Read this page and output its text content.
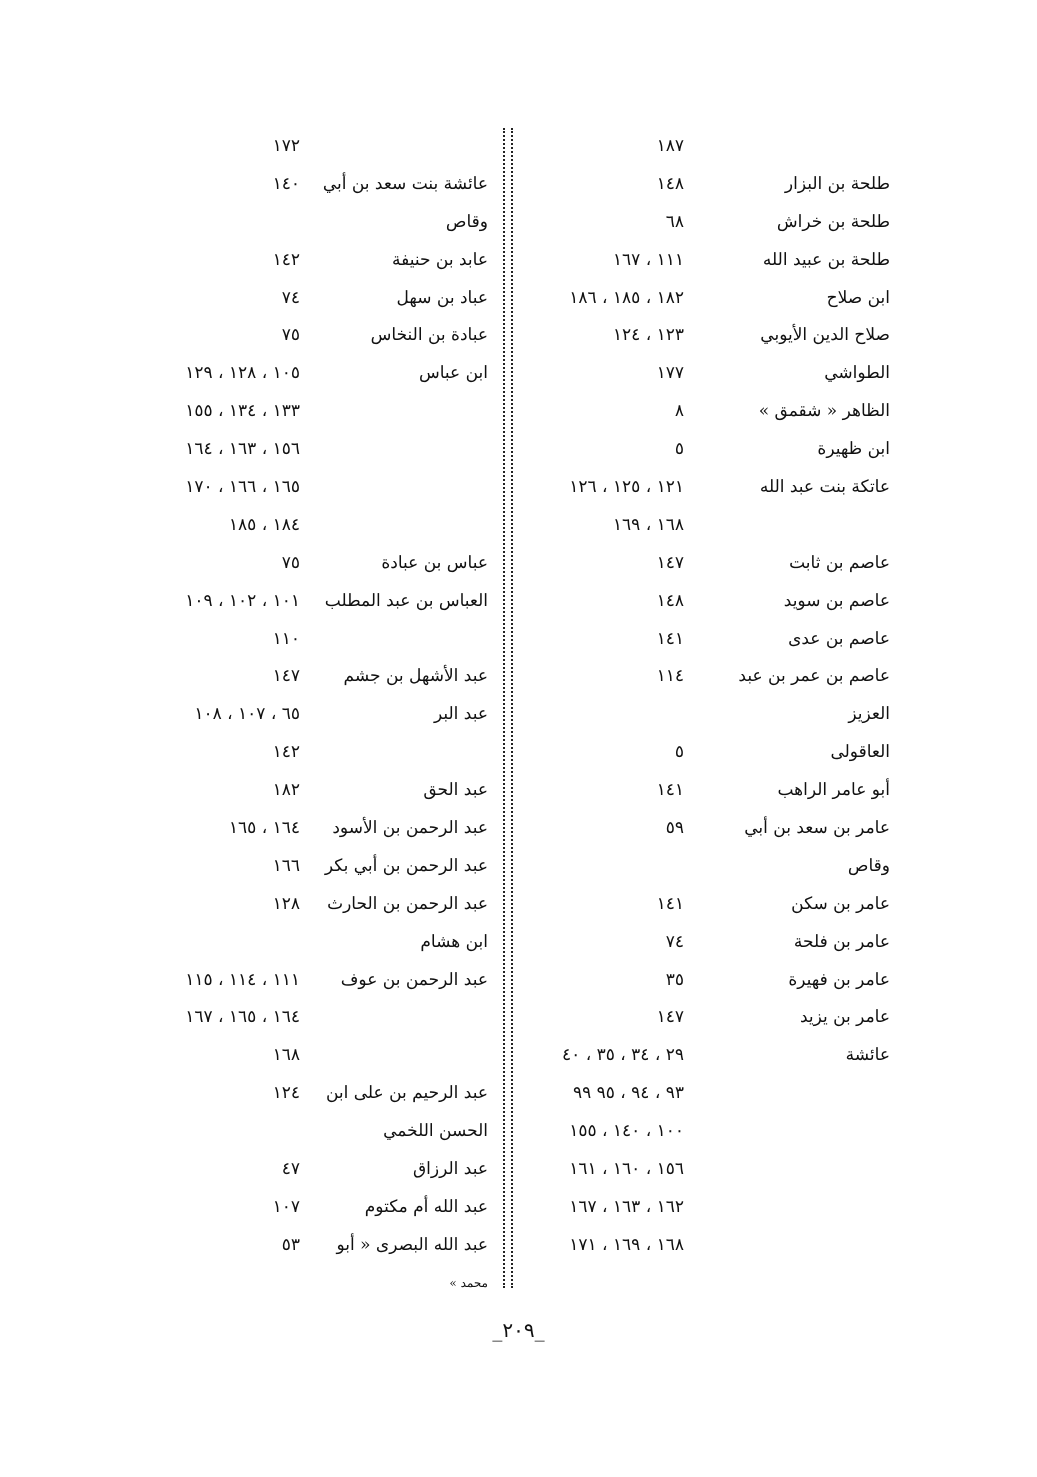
١٨٧
طلحة بن البزار
١٤٨
طلحة بن خراش
٦٨
طلحة بن عبيد الله
١١١ ، ١٦٧
ابن صلاح
١٨٢ ، ١٨٥ ، ١٨٦
صلاح الدين الأيوبي
١٢٣ ، ١٢٤
الطواشي
١٧٧
الظاهر « شقمق »
٨
ابن ظهيرة
٥
عاتكة بنت عبد الله
١٢١ ، ١٢٥ ، ١٢٦
١٦٨ ، ١٦٩
عاصم بن ثابت
١٤٧
عاصم بن سويد
١٤٨
عاصم بن عدى
١٤١
عاصم بن عمر بن عبد
١١٤
العزيز
العاقولى
٥
أبو عامر الراهب
١٤١
عامر بن سعد بن أبي
٥٩
وقاص
عامر بن سكن
١٤١
عامر بن فلحة
٧٤
عامر بن فهيرة
٣٥
عامر بن يزيد
١٤٧
عائشة
٢٩ ، ٣٤ ، ٣٥ ، ٤٠
٩٣ ، ٩٤ ، ٩٥ ٩٩
١٠٠ ، ١٤٠ ، ١٥٥
١٥٦ ، ١٦٠ ، ١٦١
١٦٢ ، ١٦٣ ، ١٦٧
١٦٨ ، ١٦٩ ، ١٧١
١٧٢
عائشة بنت سعد بن أبي
١٤٠
وقاص
عابد بن حنيفة
١٤٢
عباد بن سهل
٧٤
عبادة بن النخاس
٧٥
ابن عباس
١٠٥ ، ١٢٨ ، ١٢٩
١٣٣ ، ١٣٤ ، ١٥٥
١٥٦ ، ١٦٣ ، ١٦٤
١٦٥ ، ١٦٦ ، ١٧٠
١٨٤ ، ١٨٥
عباس بن عبادة
٧٥
العباس بن عبد المطلب
١٠١ ، ١٠٢ ، ١٠٩
١١٠
عبد الأشهل بن جشم
١٤٧
عبد البر
٦٥ ، ١٠٧ ، ١٠٨
١٤٢
عبد الحق
١٨٢
عبد الرحمن بن الأسود
١٦٤ ، ١٦٥
عبد الرحمن بن أبي بكر
١٦٦
عبد الرحمن بن الحارث
١٢٨
ابن هشام
عبد الرحمن بن عوف
١١١ ، ١١٤ ، ١١٥
١٦٤ ، ١٦٥ ، ١٦٧
١٦٨
عبد الرحيم بن على ابن
١٢٤
الحسن اللخمي
عبد الرزاق
٤٧
عبد الله أم مكتوم
١٠٧
عبد الله البصرى « أبو
٥٣
محمد »
_٢٠٩_
